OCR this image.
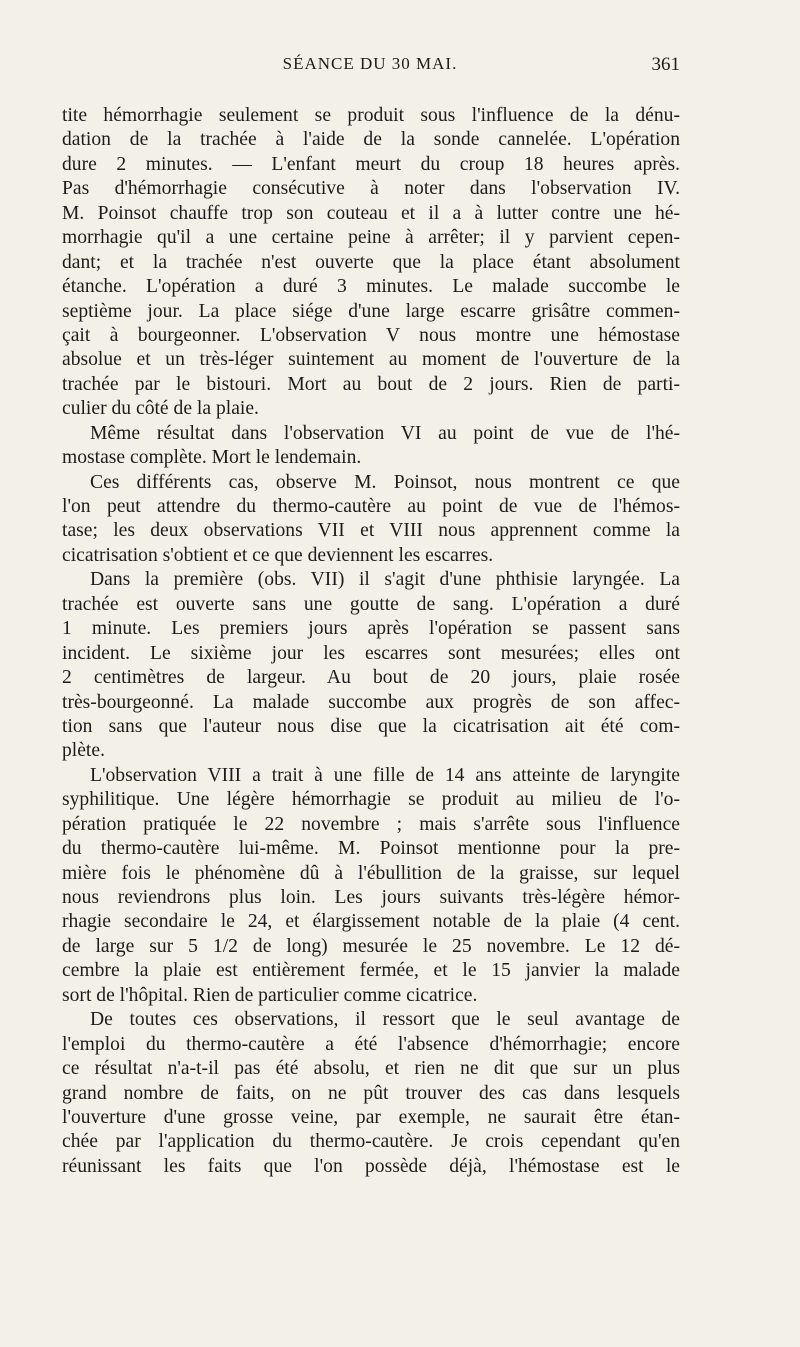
SÉANCE DU 30 MAI.	361
tite hémorrhagie seulement se produit sous l'influence de la dénu-
dation de la trachée à l'aide de la sonde cannelée. L'opération
dure 2 minutes. — L'enfant meurt du croup 18 heures après.
Pas d'hémorrhagie consécutive à noter dans l'observation IV.
M. Poinsot chauffe trop son couteau et il a à lutter contre une hé-
morrhagie qu'il a une certaine peine à arrêter; il y parvient cepen-
dant; et la trachée n'est ouverte que la place étant absolument
étanche. L'opération a duré 3 minutes. Le malade succombe le
septième jour. La place siége d'une large escarre grisâtre commen-
çait à bourgeonner. L'observation V nous montre une hémostase
absolue et un très-léger suintement au moment de l'ouverture de la
trachée par le bistouri. Mort au bout de 2 jours. Rien de parti-
culier du côté de la plaie.
Même résultat dans l'observation VI au point de vue de l'hé-
mostase complète. Mort le lendemain.
Ces différents cas, observe M. Poinsot, nous montrent ce que
l'on peut attendre du thermo-cautère au point de vue de l'hémos-
tase; les deux observations VII et VIII nous apprennent comme la
cicatrisation s'obtient et ce que deviennent les escarres.
Dans la première (obs. VII) il s'agit d'une phthisie laryngée. La
trachée est ouverte sans une goutte de sang. L'opération a duré
1 minute. Les premiers jours après l'opération se passent sans
incident. Le sixième jour les escarres sont mesurées; elles ont
2 centimètres de largeur. Au bout de 20 jours, plaie rosée
très-bourgeonné. La malade succombe aux progrès de son affec-
tion sans que l'auteur nous dise que la cicatrisation ait été com-
plète.
L'observation VIII a trait à une fille de 14 ans atteinte de laryngite
syphilitique. Une légère hémorrhagie se produit au milieu de l'o-
pération pratiquée le 22 novembre ; mais s'arrête sous l'influence
du thermo-cautère lui-même. M. Poinsot mentionne pour la pre-
mière fois le phénomène dû à l'ébullition de la graisse, sur lequel
nous reviendrons plus loin. Les jours suivants très-légère hémor-
rhagie secondaire le 24, et élargissement notable de la plaie (4 cent.
de large sur 5 1/2 de long) mesurée le 25 novembre. Le 12 dé-
cembre la plaie est entièrement fermée, et le 15 janvier la malade
sort de l'hôpital. Rien de particulier comme cicatrice.
De toutes ces observations, il ressort que le seul avantage de
l'emploi du thermo-cautère a été l'absence d'hémorrhagie; encore
ce résultat n'a-t-il pas été absolu, et rien ne dit que sur un plus
grand nombre de faits, on ne pût trouver des cas dans lesquels
l'ouverture d'une grosse veine, par exemple, ne saurait être étan-
chée par l'application du thermo-cautère. Je crois cependant qu'en
réunissant les faits que l'on possède déjà, l'hémostase est le
